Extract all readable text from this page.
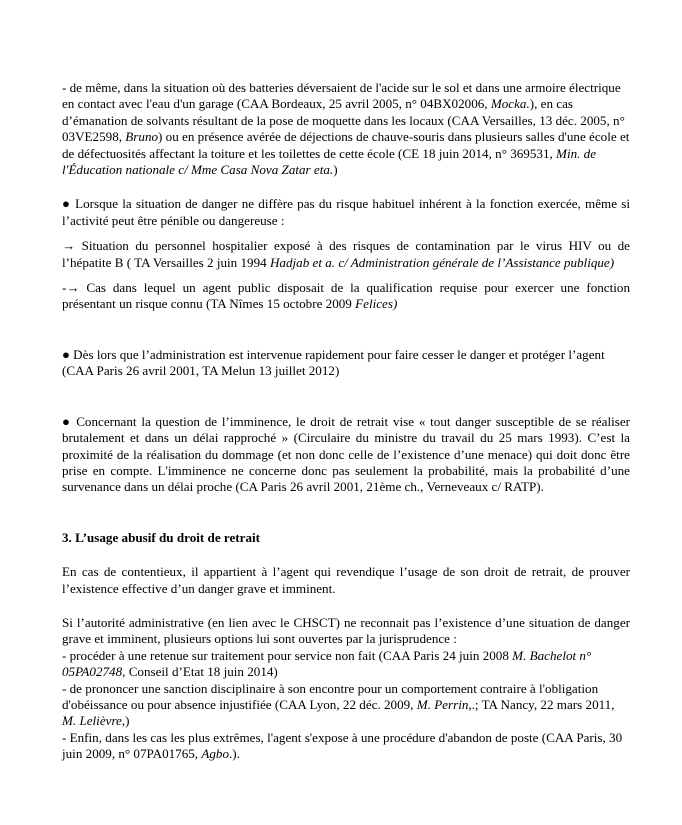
- de même, dans la situation où des batteries déversaient de l'acide sur le sol et dans une armoire électrique en contact avec l'eau d'un garage (CAA Bordeaux, 25 avril 2005, n° 04BX02006, Mocka.), en cas d’émanation de solvants résultant de la pose de moquette dans les locaux (CAA Versailles, 13 déc. 2005, n° 03VE2598, Bruno) ou en présence avérée de déjections de chauve-souris dans plusieurs salles d'une école et de défectuosités affectant la toiture et les toilettes de cette école (CE 18 juin 2014, n° 369531, Min. de l'Éducation nationale c/ Mme Casa Nova Zatar eta.)

● Lorsque la situation de danger ne diffère pas du risque habituel inhérent à la fonction exercée, même si l’activité peut être pénible ou dangereuse :

→ Situation du personnel hospitalier exposé à des risques de contamination par le virus HIV ou de l’hépatite B ( TA Versailles 2 juin 1994 Hadjab et a. c/ Administration générale de l’Assistance publique)

-→ Cas dans lequel un agent public disposait de la qualification requise pour exercer une fonction présentant un risque connu (TA Nîmes 15 octobre 2009 Felices)

● Dès lors que l’administration est intervenue rapidement pour faire cesser le danger et protéger l’agent (CAA Paris 26 avril 2001, TA Melun 13 juillet 2012)

● Concernant la question de l’imminence, le droit de retrait vise « tout danger susceptible de se réaliser brutalement et dans un délai rapproché » (Circulaire du ministre du travail du 25 mars 1993). C’est la proximité de la réalisation du dommage (et non donc celle de l’existence d’une menace) qui doit donc être prise en compte. L'imminence ne concerne donc pas seulement la probabilité, mais la probabilité d’une survenance dans un délai proche (CA Paris 26 avril 2001, 21ème ch., Verneveaux c/ RATP).

3. L’usage abusif du droit de retrait

En cas de contentieux, il appartient à l’agent qui revendique l’usage de son droit de retrait, de prouver l’existence effective d’un danger grave et imminent.

Si l’autorité administrative (en lien avec le CHSCT) ne reconnait pas l’existence d’une situation de danger grave et imminent, plusieurs options lui sont ouvertes par la jurisprudence :

- procéder à une retenue sur traitement pour service non fait (CAA Paris 24 juin 2008 M. Bachelot n° 05PA02748, Conseil d’Etat 18 juin 2014)

- de prononcer une sanction disciplinaire à son encontre pour un comportement contraire à l'obligation d'obéissance ou pour absence injustifiée (CAA Lyon, 22 déc. 2009, M. Perrin,.; TA Nancy, 22 mars 2011, M. Lelièvre,)

- Enfin, dans les cas les plus extrêmes, l'agent s'expose à une procédure d'abandon de poste (CAA Paris, 30 juin 2009, n° 07PA01765, Agbo.).
